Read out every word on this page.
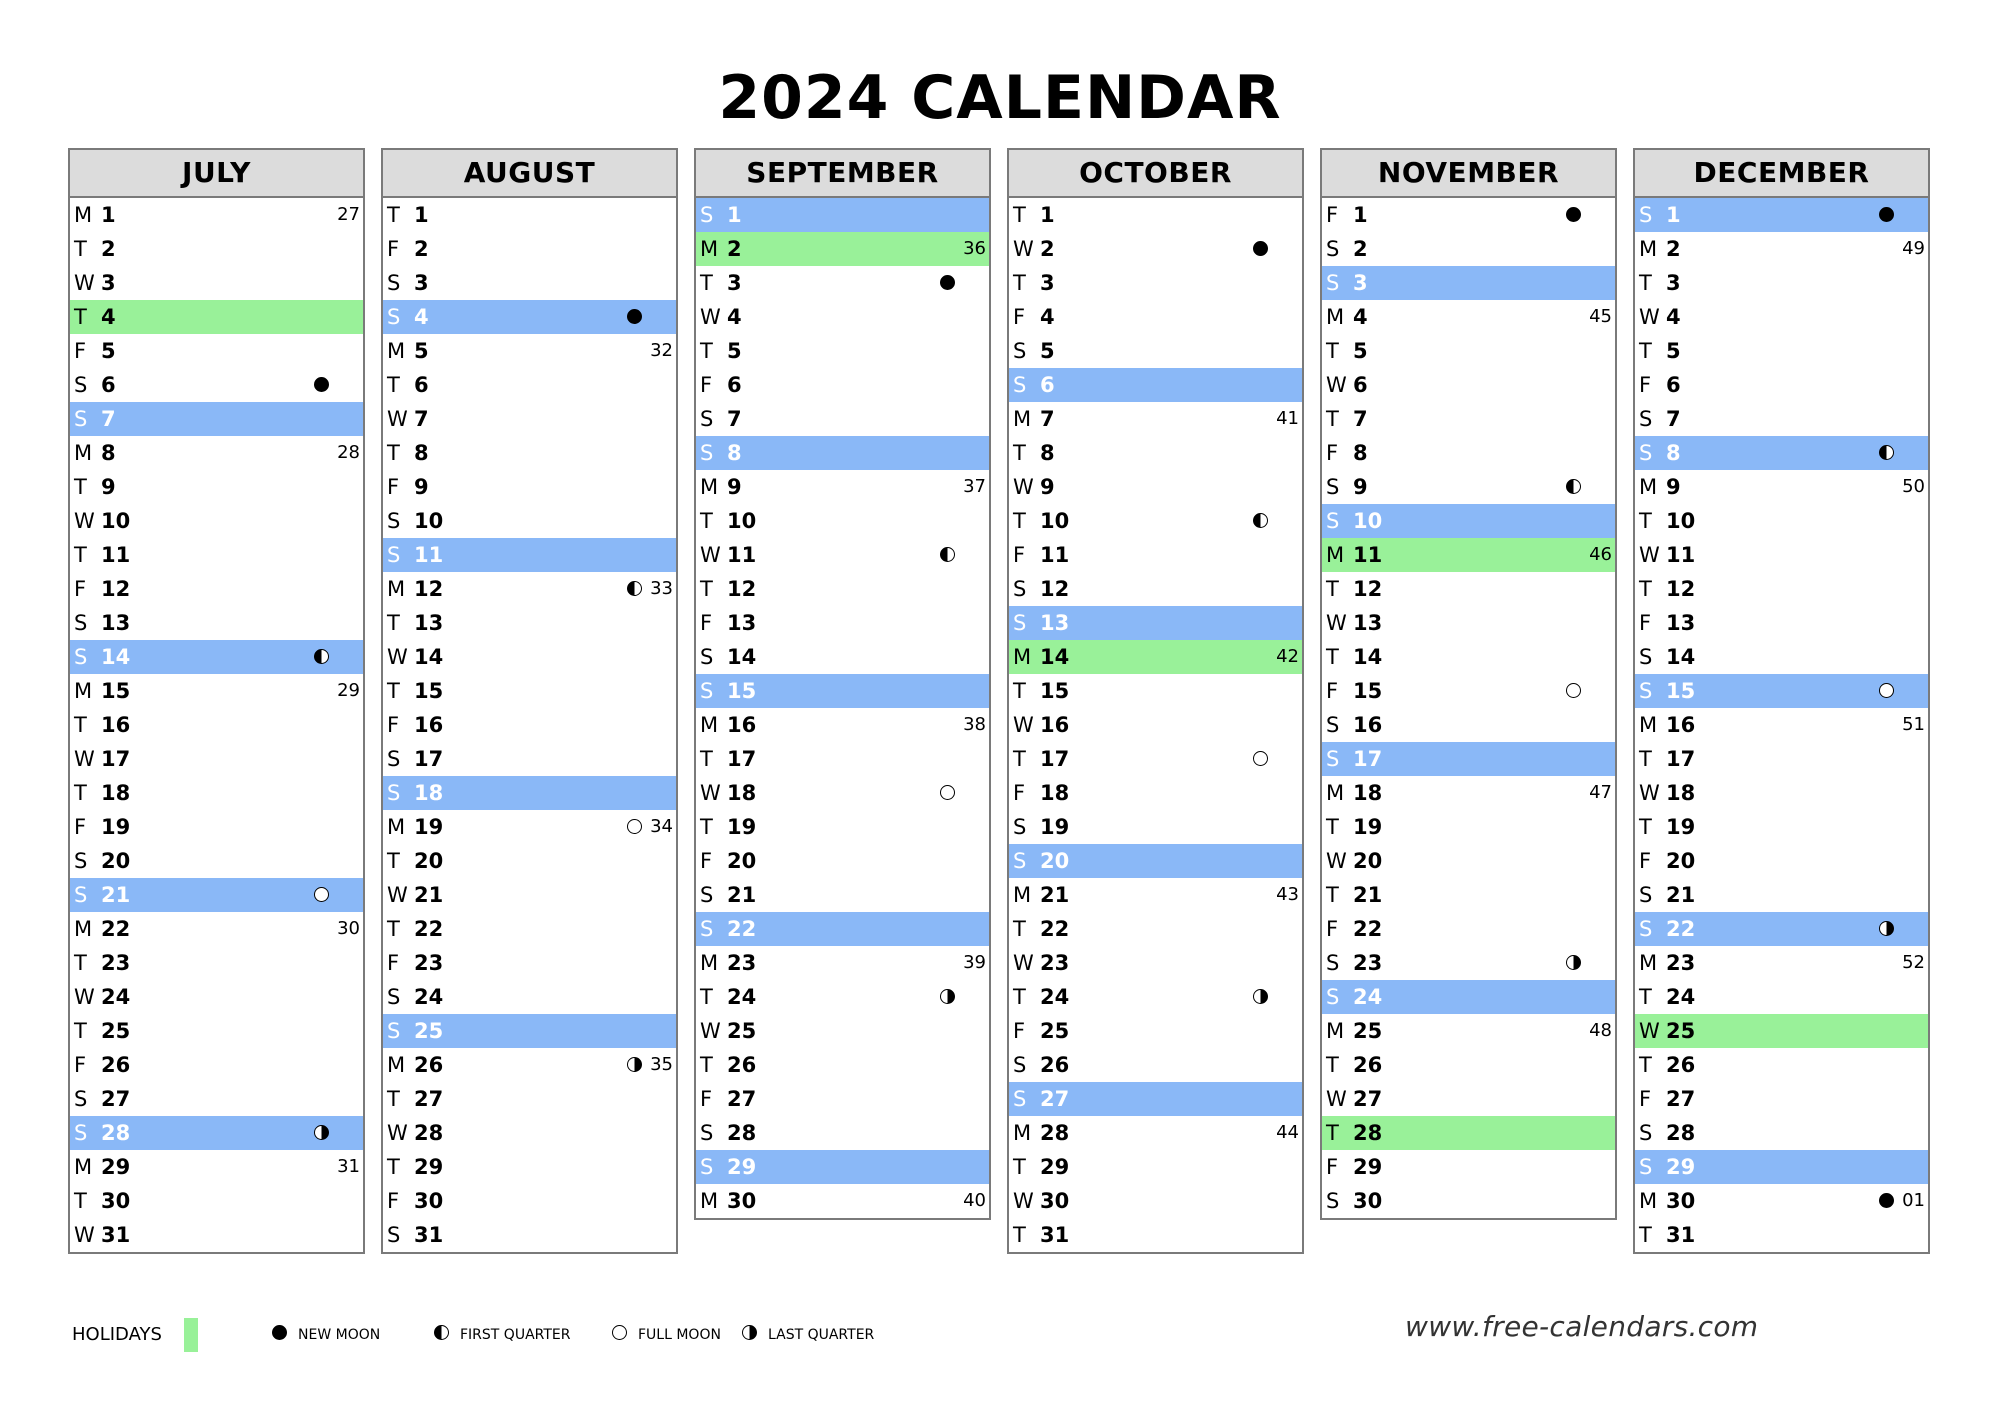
2024 CALENDAR
JULY
M 1	27
T 2
W 3
T 4
F 5
S 6
S 7
M 8	28
T 9
W 10
T 11
F 12
S 13
S 14
M 15	29
T 16
W 17
T 18
F 19
S 20
S 21
M 22	30
T 23
W 24
T 25
F 26
S 27
S 28
M 29	31
T 30
W 31
AUGUST
T 1
F 2
S 3
S 4
M 5	32
T 6
W 7
T 8
F 9
S 10
S 11
M 12	33
T 13
W 14
T 15
F 16
S 17
S 18
M 19	34
T 20
W 21
T 22
F 23
S 24
S 25
M 26	35
T 27
W 28
T 29
F 30
S 31
SEPTEMBER
S 1
M 2	36
T 3
W 4
T 5
F 6
S 7
S 8
M 9	37
T 10
W 11
T 12
F 13
S 14
S 15
M 16	38
T 17
W 18
T 19
F 20
S 21
S 22
M 23	39
T 24
W 25
T 26
F 27
S 28
S 29
M 30	40
OCTOBER
T 1
W 2
T 3
F 4
S 5
S 6
M 7	41
T 8
W 9
T 10
F 11
S 12
S 13
M 14	42
T 15
W 16
T 17
F 18
S 19
S 20
M 21	43
T 22
W 23
T 24
F 25
S 26
S 27
M 28	44
T 29
W 30
T 31
NOVEMBER
F 1
S 2
S 3
M 4	45
T 5
W 6
T 7
F 8
S 9
S 10
M 11	46
T 12
W 13
T 14
F 15
S 16
S 17
M 18	47
T 19
W 20
T 21
F 22
S 23
S 24
M 25	48
T 26
W 27
T 28
F 29
S 30
DECEMBER
S 1
M 2	49
T 3
W 4
T 5
F 6
S 7
S 8
M 9	50
T 10
W 11
T 12
F 13
S 14
S 15
M 16	51
T 17
W 18
T 19
F 20
S 21
S 22
M 23	52
T 24
W 25
T 26
F 27
S 28
S 29
M 30	01
T 31
HOLIDAYS	NEW MOON	FIRST QUARTER	FULL MOON	LAST QUARTER	www.free-calendars.com
